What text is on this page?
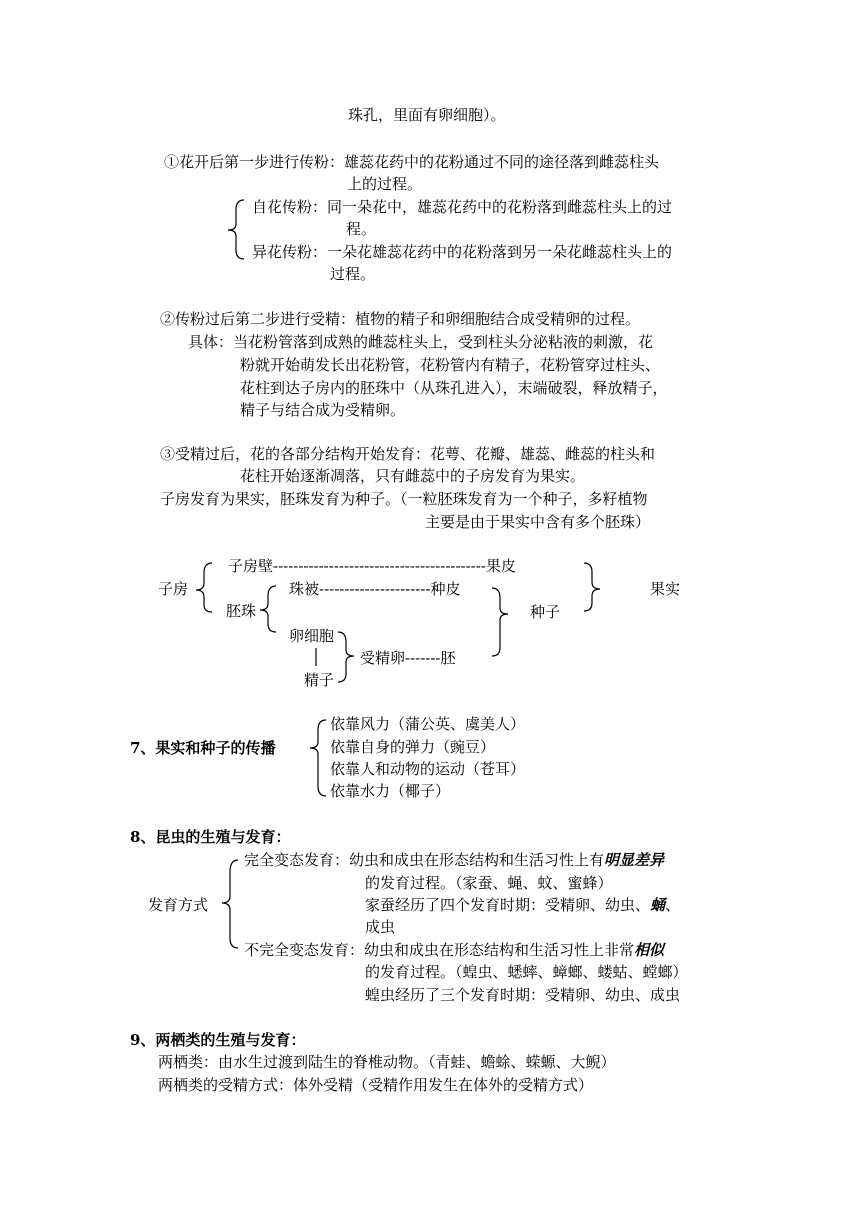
珠孔，里面有卵细胞）。
①花开后第一步进行传粉：雄蕊花药中的花粉通过不同的途径落到雌蕊柱头
上的过程。
自花传粉：同一朵花中，雄蕊花药中的花粉落到雌蕊柱头上的过
程。
异花传粉：一朵花雄蕊花药中的花粉落到另一朵花雌蕊柱头上的
过程。
②传粉过后第二步进行受精：植物的精子和卵细胞结合成受精卵的过程。
具体：当花粉管落到成熟的雌蕊柱头上，受到柱头分泌粘液的刺激，花
粉就开始萌发长出花粉管，花粉管内有精子，花粉管穿过柱头、
花柱到达子房内的胚珠中（从珠孔进入），末端破裂，释放精子，
精子与结合成为受精卵。
③受精过后，花的各部分结构开始发育：花萼、花瓣、雄蕊、雌蕊的柱头和
花柱开始逐渐凋落，只有雌蕊中的子房发育为果实。
子房发育为果实，胚珠发育为种子。（一粒胚珠发育为一个种子，多籽植物
主要是由于果实中含有多个胚珠）
子房
子房壁------------------------------------------果皮
胚珠
珠被----------------------种皮
种子
果实
卵细胞
精子
受精卵-------胚
7、果实和种子的传播
依靠风力（蒲公英、虞美人）
依靠自身的弹力（豌豆）
依靠人和动物的运动（苍耳）
依靠水力（椰子）
8、昆虫的生殖与发育：
发育方式
完全变态发育：幼虫和成虫在形态结构和生活习性上有明显差异
的发育过程。（家蚕、蝇、蚊、蜜蜂）
家蚕经历了四个发育时期：受精卵、幼虫、蛹、
成虫
不完全变态发育：幼虫和成虫在形态结构和生活习性上非常相似
的发育过程。（蝗虫、蟋蟀、蟑螂、蝼蛄、螳螂）
蝗虫经历了三个发育时期：受精卵、幼虫、成虫
9、两栖类的生殖与发育：
两栖类：由水生过渡到陆生的脊椎动物。（青蛙、蟾蜍、蝾螈、大鲵）
两栖类的受精方式：体外受精（受精作用发生在体外的受精方式）
